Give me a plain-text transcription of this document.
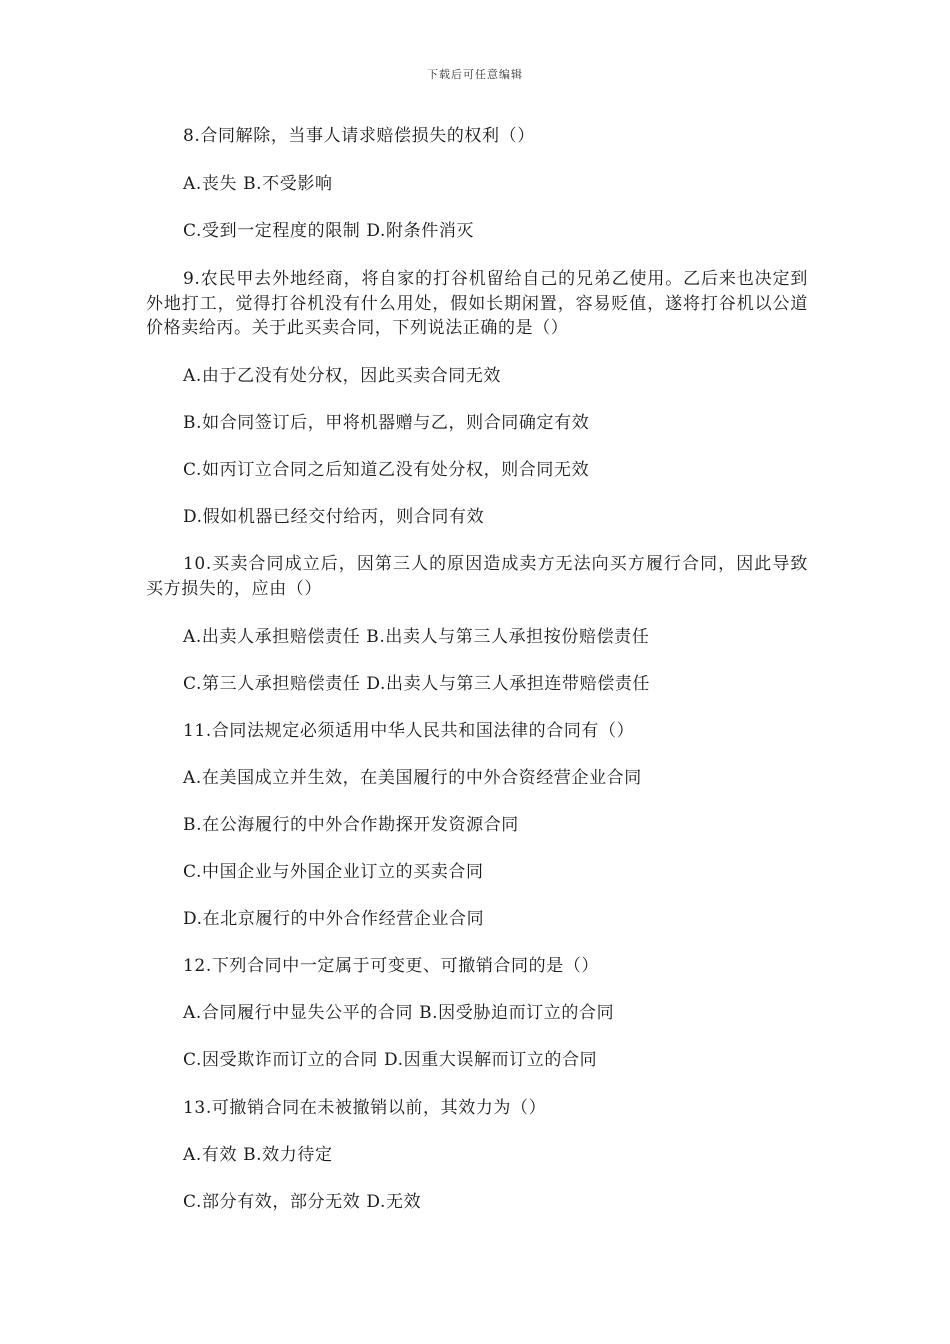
下载后可任意编辑
8.合同解除，当事人请求赔偿损失的权利（）
A.丧失 B.不受影响
C.受到一定程度的限制 D.附条件消灭
9.农民甲去外地经商，将自家的打谷机留给自己的兄弟乙使用。乙后来也决定到外地打工，觉得打谷机没有什么用处，假如长期闲置，容易贬值，遂将打谷机以公道价格卖给丙。关于此买卖合同，下列说法正确的是（）
A.由于乙没有处分权，因此买卖合同无效
B.如合同签订后，甲将机器赠与乙，则合同确定有效
C.如丙订立合同之后知道乙没有处分权，则合同无效
D.假如机器已经交付给丙，则合同有效
10.买卖合同成立后，因第三人的原因造成卖方无法向买方履行合同，因此导致买方损失的，应由（）
A.出卖人承担赔偿责任 B.出卖人与第三人承担按份赔偿责任
C.第三人承担赔偿责任 D.出卖人与第三人承担连带赔偿责任
11.合同法规定必须适用中华人民共和国法律的合同有（）
A.在美国成立并生效，在美国履行的中外合资经营企业合同
B.在公海履行的中外合作勘探开发资源合同
C.中国企业与外国企业订立的买卖合同
D.在北京履行的中外合作经营企业合同
12.下列合同中一定属于可变更、可撤销合同的是（）
A.合同履行中显失公平的合同 B.因受胁迫而订立的合同
C.因受欺诈而订立的合同 D.因重大误解而订立的合同
13.可撤销合同在未被撤销以前，其效力为（）
A.有效 B.效力待定
C.部分有效，部分无效 D.无效
